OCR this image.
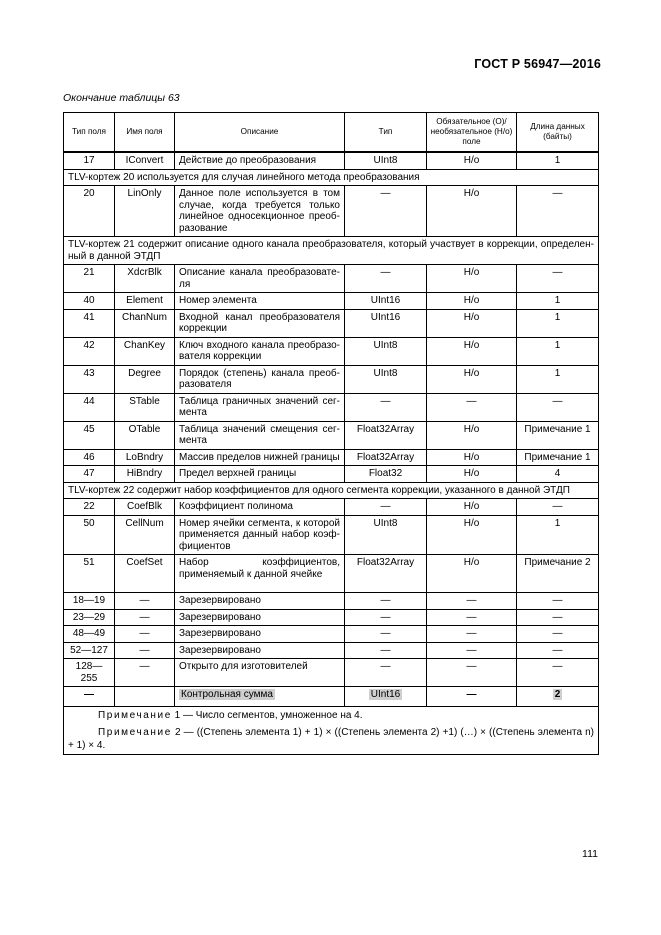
ГОСТ Р 56947—2016
Окончание таблицы 63
Тип поля	Имя поля	Описание	Тип	Обязательное (О)/ необязательное (Н/о) поле	Длина данных (байты)
17	IConvert	Действие до преобразования	UInt8	Н/о	1
TLV-кортеж 20 используется для случая линейного метода преобразования					
20	LinOnly	Данное поле используется в том случае, когда требуется только линейное односекционное преобразование	—	Н/о	—
TLV-кортеж 21 содержит описание одного канала преобразователя, который участвует в коррекции, определенный в данной ЭТДП					
21	XdcrBlk	Описание канала преобразователя	—	Н/о	—
40	Element	Номер элемента	UInt16	Н/о	1
41	ChanNum	Входной канал преобразователя коррекции	UInt16	Н/о	1
42	ChanKey	Ключ входного канала преобразователя коррекции	UInt8	Н/о	1
43	Degree	Порядок (степень) канала преобразователя	UInt8	Н/о	1
44	STable	Таблица граничных значений сегмента	—	—	—
45	OTable	Таблица значений смещения сегмента	Float32Array	Н/о	Примечание 1
46	LoBndry	Массив пределов нижней границы	Float32Array	Н/о	Примечание 1
47	HiBndry	Предел верхней границы	Float32	Н/о	4
TLV-кортеж 22 содержит набор коэффициентов для одного сегмента коррекции, указанного в данной ЭТДП					
22	CoefBlk	Коэффициент полинома	—	Н/о	—
50	CellNum	Номер ячейки сегмента, к которой применяется данный набор коэффициентов	UInt8	Н/о	1
51	CoefSet	Набор коэффициентов, применяемый к данной ячейке	Float32Array	Н/о	Примечание 2
18—19	—	Зарезервировано	—	—	—
23—29	—	Зарезервировано	—	—	—
48—49	—	Зарезервировано	—	—	—
52—127	—	Зарезервировано	—	—	—
128—255	—	Открыто для изготовителей	—	—	—
—		Контрольная сумма	UInt16	—	2

Примечание 1 — Число сегментов, умноженное на 4.
Примечание 2 — ((Степень элемента 1) + 1) × ((Степень элемента 2) +1) (…) × ((Степень элемента n) + 1) × 4.					
111
